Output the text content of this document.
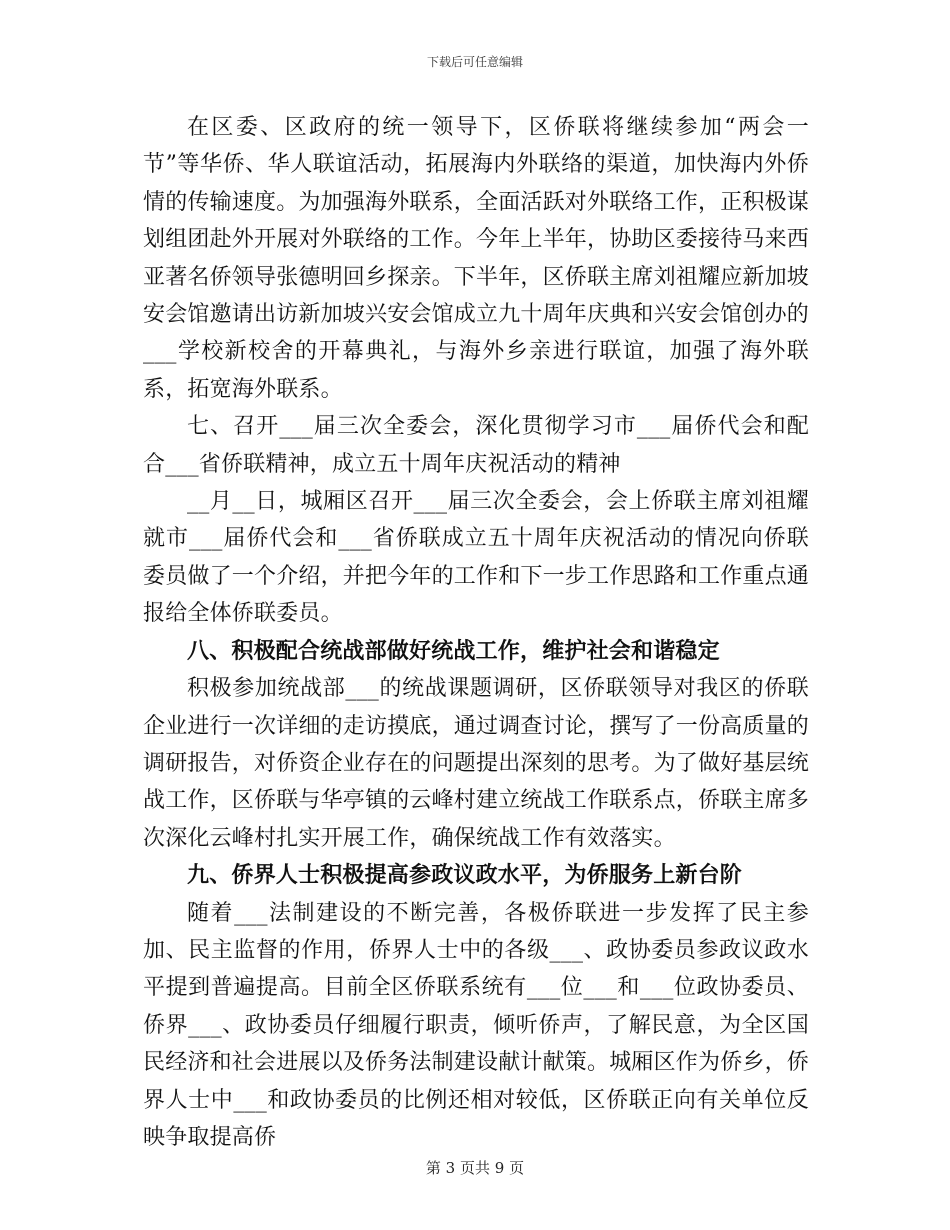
下载后可任意编辑

在区委、区政府的统一领导下，区侨联将继续参加“两会一节”等华侨、华人联谊活动，拓展海内外联络的渠道，加快海内外侨情的传输速度。为加强海外联系，全面活跃对外联络工作，正积极谋划组团赴外开展对外联络的工作。今年上半年，协助区委接待马来西亚著名侨领导张德明回乡探亲。下半年，区侨联主席刘祖耀应新加坡安会馆邀请出访新加坡兴安会馆成立九十周年庆典和兴安会馆创办的___学校新校舍的开幕典礼，与海外乡亲进行联谊，加强了海外联系，拓宽海外联系。

七、召开___届三次全委会，深化贯彻学习市___届侨代会和配合___省侨联精神，成立五十周年庆祝活动的精神

__月__日，城厢区召开___届三次全委会，会上侨联主席刘祖耀就市___届侨代会和___省侨联成立五十周年庆祝活动的情况向侨联委员做了一个介绍，并把今年的工作和下一步工作思路和工作重点通报给全体侨联委员。

八、积极配合统战部做好统战工作，维护社会和谐稳定

积极参加统战部___的统战课题调研，区侨联领导对我区的侨联企业进行一次详细的走访摸底，通过调查讨论，撰写了一份高质量的调研报告，对侨资企业存在的问题提出深刻的思考。为了做好基层统战工作，区侨联与华亭镇的云峰村建立统战工作联系点，侨联主席多次深化云峰村扎实开展工作，确保统战工作有效落实。

九、侨界人士积极提高参政议政水平，为侨服务上新台阶

随着___法制建设的不断完善，各极侨联进一步发挥了民主参加、民主监督的作用，侨界人士中的各级___、政协委员参政议政水平提到普遍提高。目前全区侨联系统有___位___和___位政协委员、侨界___、政协委员仔细履行职责，倾听侨声，了解民意，为全区国民经济和社会进展以及侨务法制建设献计献策。城厢区作为侨乡，侨界人士中___和政协委员的比例还相对较低，区侨联正向有关单位反映争取提高侨

第 3 页共 9 页
